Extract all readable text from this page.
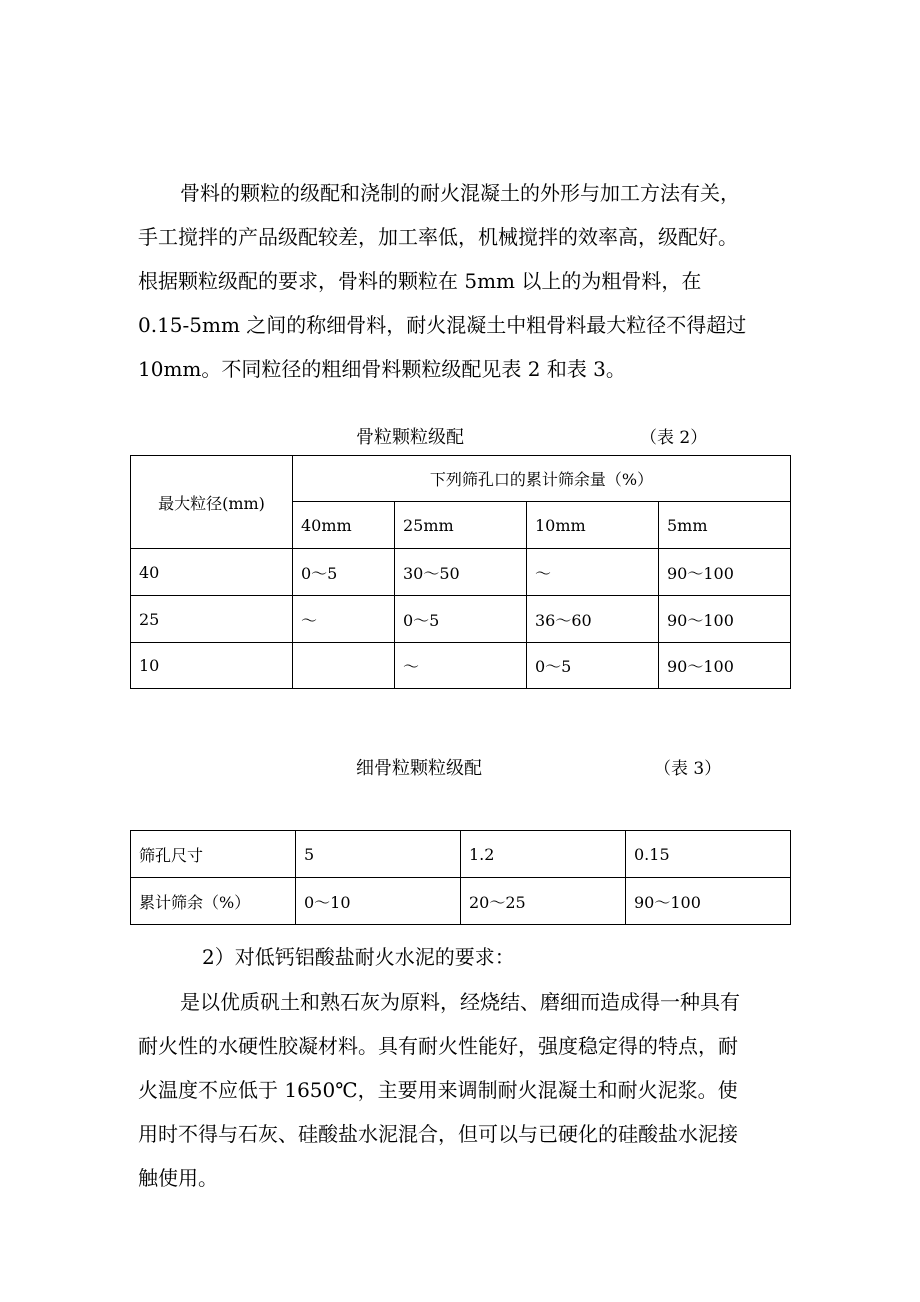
骨料的颗粒的级配和浇制的耐火混凝土的外形与加工方法有关，
手工搅拌的产品级配较差，加工率低，机械搅拌的效率高，级配好。
根据颗粒级配的要求，骨料的颗粒在 5mm 以上的为粗骨料，在
0.15-5mm 之间的称细骨料，耐火混凝土中粗骨料最大粒径不得超过
10mm。不同粒径的粗细骨料颗粒级配见表 2 和表 3。
骨粒颗粒级配	（表 2）
最大粒径(mm)	下列筛孔口的累计筛余量（%）			
	40mm	25mm	10mm	5mm
40	0～5	30～50	～	90～100
25	～	0～5	36～60	90～100
10		～	0～5	90～100
细骨粒颗粒级配	（表 3）
筛孔尺寸	5	1.2	0.15
累计筛余（%）	0～10	20～25	90～100
2）对低钙铝酸盐耐火水泥的要求：
是以优质矾土和熟石灰为原料，经烧结、磨细而造成得一种具有
耐火性的水硬性胶凝材料。具有耐火性能好，强度稳定得的特点，耐
火温度不应低于 1650℃，主要用来调制耐火混凝土和耐火泥浆。使
用时不得与石灰、硅酸盐水泥混合，但可以与已硬化的硅酸盐水泥接
触使用。
